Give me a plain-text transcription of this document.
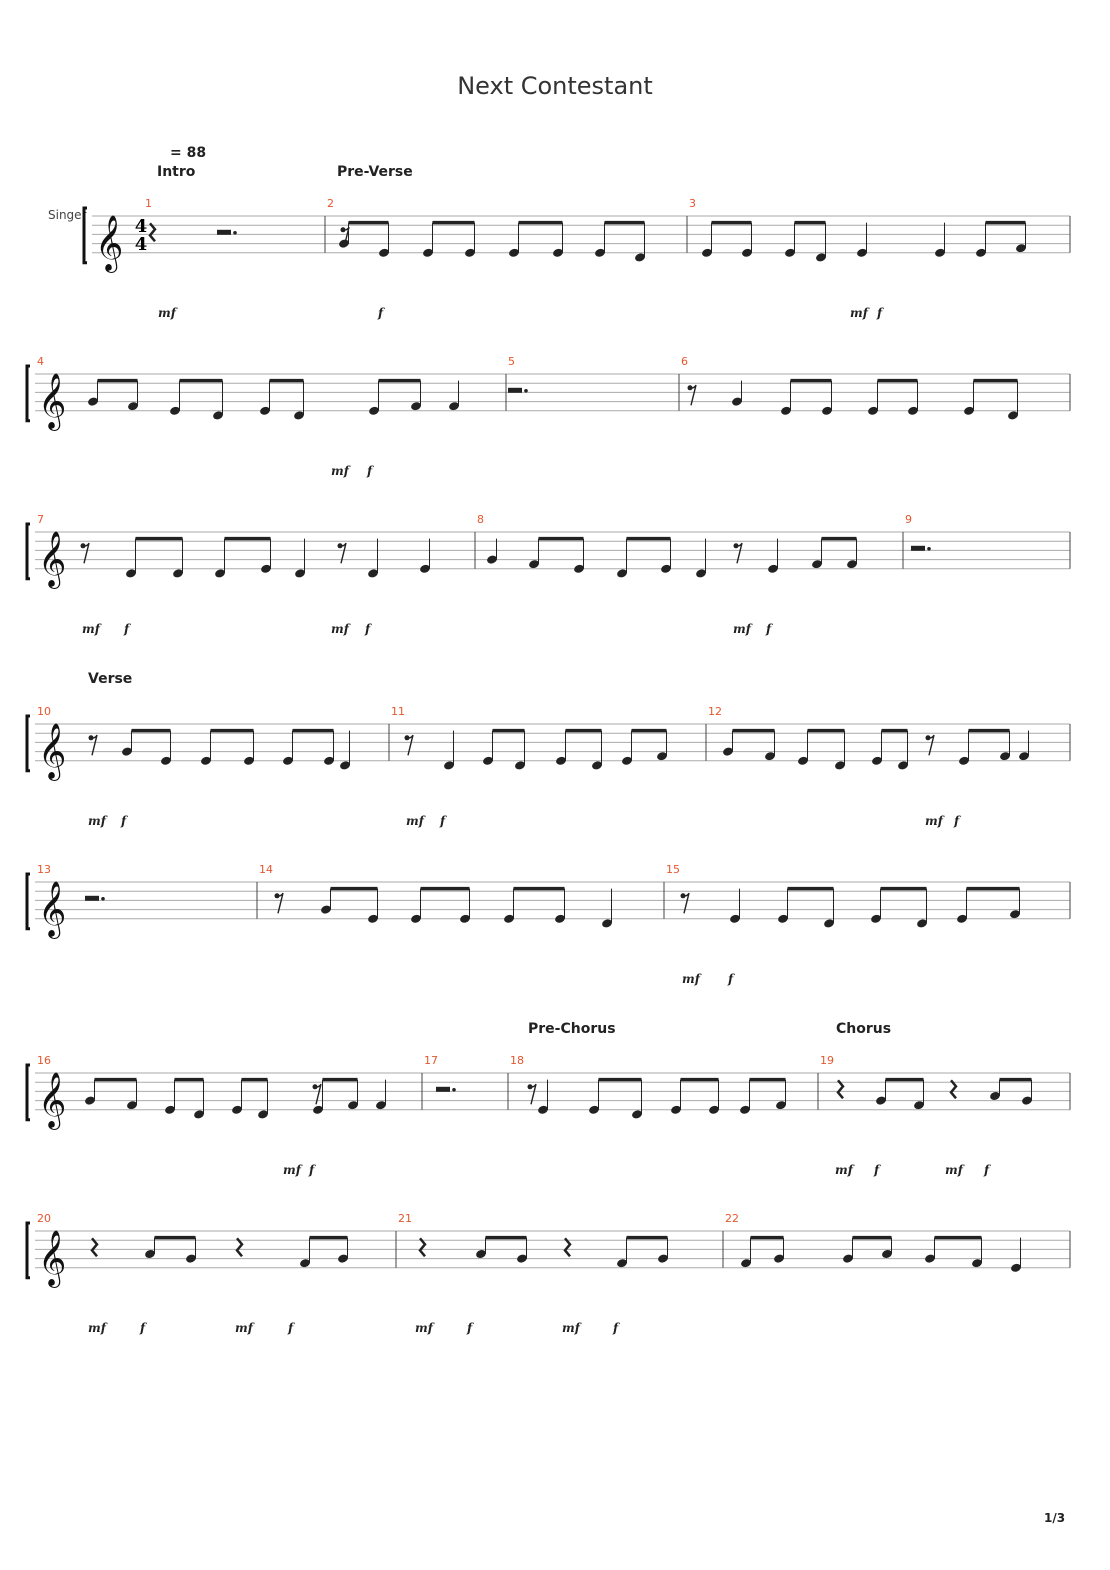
Next Contestant
Singer
= 88
1/3
Intro	Pre-Verse
Verse
Pre-Chorus	Chorus
𝄞 4
4
1	2	3
mf	f	mf f
𝄞
4	5	6
mf f
𝄞
7	8	9
mf f	mf f	mf f
𝄞
10	11	12
mf f	mf f	mf f
𝄞
13	14	15
mf f
𝄞
16	17	18	19
mf f	mf f	mf f
𝄞
20	21	22
mf	f	mf	f	mf	f	mf	f
